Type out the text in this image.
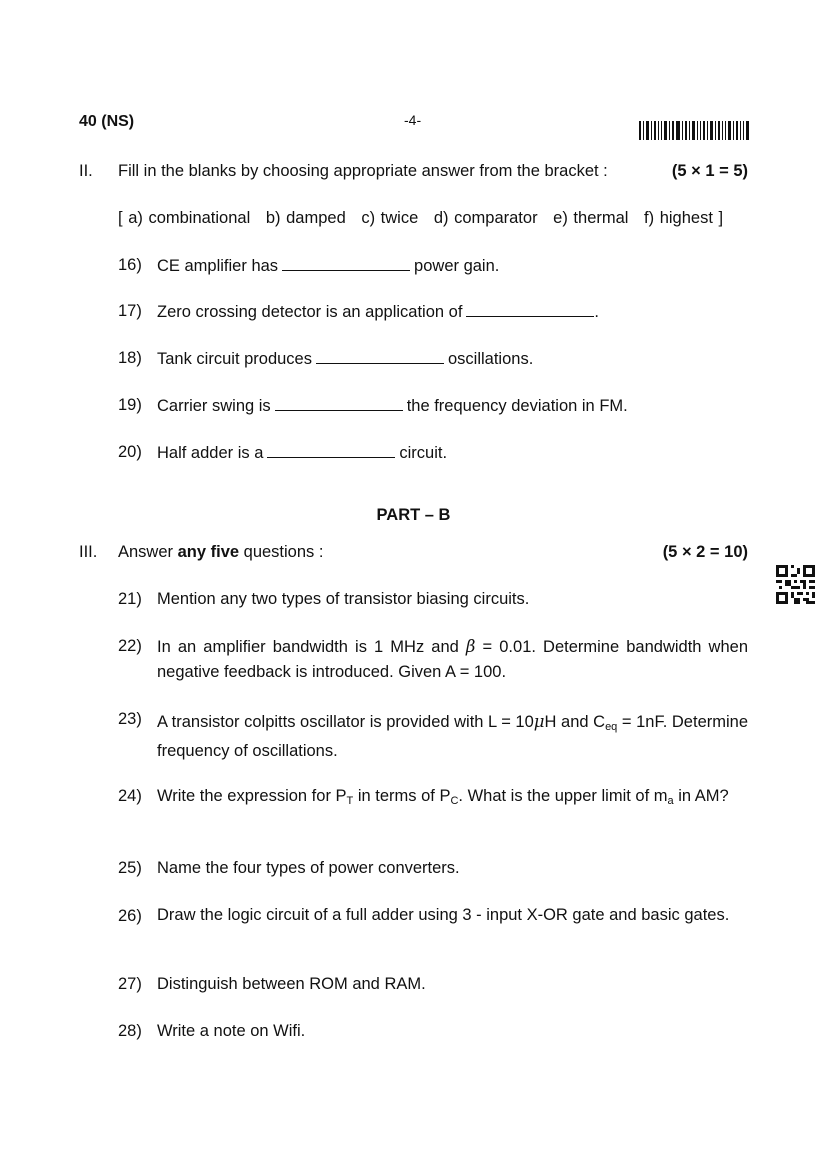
40 (NS)	-4-
II. Fill in the blanks by choosing appropriate answer from the bracket :	(5 × 1 = 5)
[ a) combinational b) damped c) twice d) comparator e) thermal f) highest ]
16) CE amplifier has	power gain.
17) Zero crossing detector is an application of	.
18) Tank circuit produces	oscillations.
19) Carrier swing is	the frequency deviation in FM.
20) Half adder is a	circuit.
PART – B
III. Answer any five questions :	(5 × 2 = 10)
21) Mention any two types of transistor biasing circuits.
22) In an amplifier bandwidth is 1 MHz and β = 0.01. Determine bandwidth when negative feedback is introduced. Given A = 100.
23) A transistor colpitts oscillator is provided with L = 10μH and $C_{eq} = 1nF$. Determine frequency of oscillations.
24) Write the expression for $P_T$ in terms of $P_C$. What is the upper limit of $m_a$ in AM?
25) Name the four types of power converters.
26) Draw the logic circuit of a full adder using 3 - input X-OR gate and basic gates.
27) Distinguish between ROM and RAM.
28) Write a note on Wifi.
